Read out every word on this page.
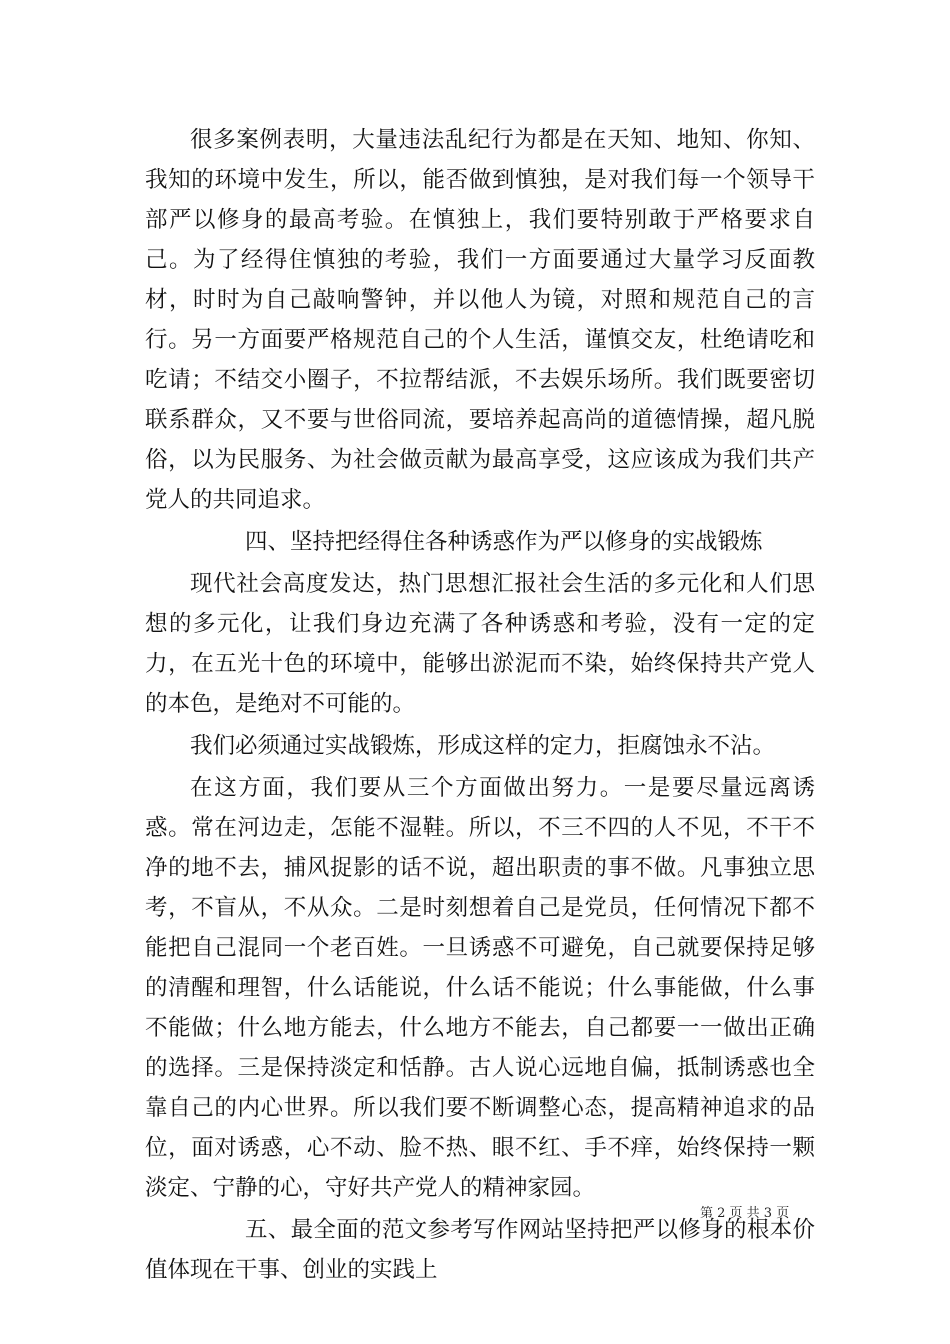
很多案例表明，大量违法乱纪行为都是在天知、地知、你知、我知的环境中发生，所以，能否做到慎独，是对我们每一个领导干部严以修身的最高考验。在慎独上，我们要特别敢于严格要求自己。为了经得住慎独的考验，我们一方面要通过大量学习反面教材，时时为自己敲响警钟，并以他人为镜，对照和规范自己的言行。另一方面要严格规范自己的个人生活，谨慎交友，杜绝请吃和吃请；不结交小圈子，不拉帮结派，不去娱乐场所。我们既要密切联系群众，又不要与世俗同流，要培养起高尚的道德情操，超凡脱俗，以为民服务、为社会做贡献为最高享受，这应该成为我们共产党人的共同追求。

四、坚持把经得住各种诱惑作为严以修身的实战锻炼

现代社会高度发达，热门思想汇报社会生活的多元化和人们思想的多元化，让我们身边充满了各种诱惑和考验，没有一定的定力，在五光十色的环境中，能够出淤泥而不染，始终保持共产党人的本色，是绝对不可能的。

我们必须通过实战锻炼，形成这样的定力，拒腐蚀永不沾。

在这方面，我们要从三个方面做出努力。一是要尽量远离诱惑。常在河边走，怎能不湿鞋。所以，不三不四的人不见，不干不净的地不去，捕风捉影的话不说，超出职责的事不做。凡事独立思考，不盲从，不从众。二是时刻想着自己是党员，任何情况下都不能把自己混同一个老百姓。一旦诱惑不可避免，自己就要保持足够的清醒和理智，什么话能说，什么话不能说；什么事能做，什么事不能做；什么地方能去，什么地方不能去，自己都要一一做出正确的选择。三是保持淡定和恬静。古人说心远地自偏，抵制诱惑也全靠自己的内心世界。所以我们要不断调整心态，提高精神追求的品位，面对诱惑，心不动、脸不热、眼不红、手不痒，始终保持一颗淡定、宁静的心，守好共产党人的精神家园。

五、最全面的范文参考写作网站坚持把严以修身的根本价值体现在干事、创业的实践上

第 2 页 共 3 页
